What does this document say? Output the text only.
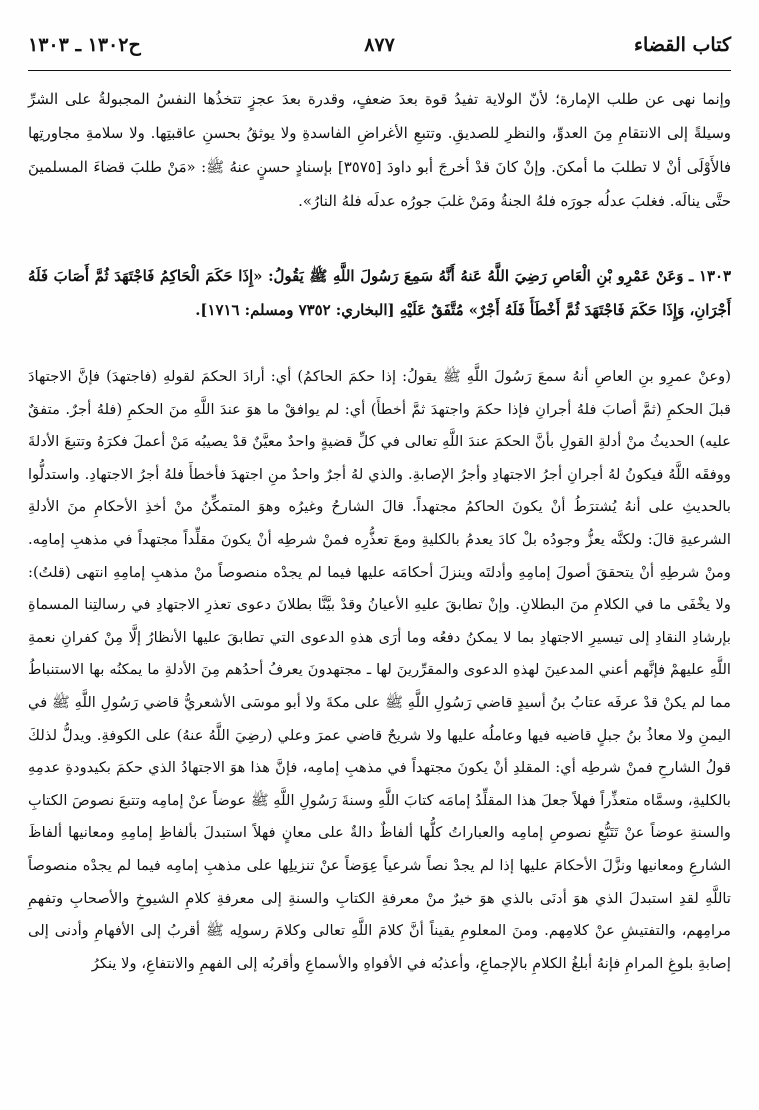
كتاب القضاء
٨٧٧
ح١٣٠٢ ـ ١٣٠٣
وإنما نهى عن طلب الإمارة؛ لأنّ الولاية تفيدُ قوة بعدَ ضعفٍ، وقدرة بعدَ عجزٍ تتخذُها النفسُ المجبولةُ على الشرِّ وسيلةً إلى الانتقامِ مِنَ العدوِّ، والنظرِ للصديقِ. وتتبعِ الأغراضِ الفاسدةِ ولا يوثقُ بحسنِ عاقبتِها. ولا سلامةِ مجاورتِها فالأَوْلَى أنْ لا تطلبَ ما أمكنَ. وإنْ كانَ قدْ أخرجَ أبو داودَ [٣٥٧٥] بإسنادٍ حسنٍ عنهُ ﷺ: «مَنْ طلبَ قضاءَ المسلمينَ حتَّى ينالَه. فغلبَ عدلُه جورَه فلهُ الجنةُ ومَنْ غلبَ جورُه عدلَه فلهُ النارُ».
١٣٠٣ ـ وَعَنْ عَمْرِو بْنِ الْعَاصِ رَضِيَ اللَّهُ عَنهُ أَنَّهُ سَمِعَ رَسُولَ اللَّهِ ﷺ يَقُولُ: «إِذَا حَكَمَ الْحَاكِمُ فَاجْتَهَدَ ثُمَّ أَصَابَ فَلَهُ أَجْرَانِ، وَإِذَا حَكَمَ فَاجْتَهَدَ ثُمَّ أَخْطَأَ فَلَهُ أَجْرٌ» مُتَّفَقٌ عَلَيْهِ [البخاري: ٧٣٥٢ ومسلم: ١٧١٦].

(وعنْ عمرِو بنِ العاصِ أنهُ سمعَ رَسُولَ اللَّهِ ﷺ يقولُ: إذا حكمَ الحاكمُ) أي: أرادَ الحكمَ لقولهِ (فاجتهدَ) فإنَّ الاجتهادَ قبلَ الحكمِ (ثمَّ أصابَ فلهُ أجرانِ فإذا حكمَ واجتهدَ ثمَّ أخطأَ) أي: لم يوافقْ ما هوَ عندَ اللَّهِ منَ الحكمِ (فلهُ أجرٌ. متفقٌ عليه) الحديثُ منْ أدلةِ القولِ بأنَّ الحكمَ عندَ اللَّهِ تعالى في كلِّ قضيةٍ واحدٌ معيَّنٌ قدْ يصيبُه مَنْ أعملَ فكرَهُ وتتبعَ الأدلةَ ووفقَه اللَّهُ فيكونُ لهُ أجرانِ أجرُ الاجتهادِ وأجرُ الإصابةِ. والذي لهُ أجرٌ واحدٌ منِ اجتهدَ فأخطأَ فلهُ أجرُ الاجتهادِ. واستدلُّوا بالحديثِ على أنهُ يُشترَطُ أنْ يكونَ الحاكمُ مجتهداً. قالَ الشارحُ وغيرُه وهوَ المتمكِّنُ منْ أخذِ الأحكامِ منَ الأدلةِ الشرعيةِ قالَ: ولكنَّه يعزُّ وجودُه بلْ كادَ يعدمُ بالكليةِ ومعَ تعذُّرِه فمنْ شرطِه أنْ يكونَ مقلِّداً مجتهداً في مذهبِ إمامِه. ومنْ شرطِهِ أنْ يتحققَ أصولَ إمامِهِ وأدلتَه وينزلَ أحكامَه عليها فيما لم يجدْه منصوصاً منْ مذهبِ إمامِهِ انتهى (قلتُ): ولا يخْفَى ما في الكلامِ منَ البطلانِ. وإنْ تطابقَ عليهِ الأعيانُ وقدْ بيَّنَّا بطلانَ دعوى تعذرِ الاجتهادِ في رسالتِنا المسماةِ بإرشادِ النقادِ إلى تيسيرِ الاجتهادِ بما لا يمكنُ دفعُه وما أرَى هذهِ الدعوى التي تطابقَ عليها الأنظارُ إلَّا مِنْ كفرانِ نعمةِ اللَّهِ عليهمْ فإنَّهم أعني المدعينَ لهذهِ الدعوى والمقرِّرينَ لها ـ مجتهدونَ يعرفُ أحدُهم مِنَ الأدلةِ ما يمكنُه بها الاستنباطُ مما لم يكنْ قدْ عرفَه عتابُ بنُ أسيدٍ قاضي رَسُولِ اللَّهِ ﷺ على مكةَ ولا أبو موسَى الأشعريُّ قاضي رَسُولِ اللَّهِ ﷺ في اليمنِ ولا معاذُ بنُ جبلٍ قاضيه فيها وعاملُه عليها ولا شريحٌ قاضي عمرَ وعلي (رضِيَ اللَّهُ عنهُ) على الكوفةِ. ويدلُّ لذلكَ قولُ الشارحِ فمنْ شرطِه أي: المقلدِ أنْ يكونَ مجتهداً في مذهبِ إمامِه، فإنَّ هذا هوَ الاجتهادُ الذي حكمَ بكيدودةِ عدمِهِ بالكليةِ، وسمَّاه متعذِّراً فهلاً جعلَ هذا المقلِّدُ إمامَه كتابَ اللَّهِ وسنةَ رَسُولِ اللَّهِ ﷺ عوضاً عنْ إمامِه وتتبعَ نصوصَ الكتابِ والسنةِ عوضاً عنْ تَتَبُّعِ نصوصِ إمامِه والعباراتُ كلُّها ألفاظٌ دالةٌ على معانٍ فهلاً استبدلَ بألفاظِ إمامِهِ ومعانيها ألفاظَ الشارعِ ومعانيها ونزَّلَ الأحكامَ عليها إذا لم يجدْ نصاً شرعياً عِوَضاً عنْ تنزيلِها على مذهبِ إمامِه فيما لم يجدْه منصوصاً تاللَّهِ لقدِ استبدلَ الذي هوَ أدنَى بالذي هوَ خيرٌ منْ معرفةِ الكتابِ والسنةِ إلى معرفةِ كلامِ الشيوخِ والأصحابِ وتفهمِ مرامِهم، والتفتيشِ عنْ كلامِهم. ومنَ المعلومِ يقيناً أنَّ كلامَ اللَّهِ تعالى وكلامَ رسولِه ﷺ أقربُ إلى الأفهامِ وأدنى إلى إصابةِ بلوغِ المرامِ فإنهُ أبلغُ الكلامِ بالإجماعِ، وأعذبُه في الأفواهِ والأسماعِ وأقربُه إلى الفهمِ والانتفاعِ، ولا ينكرُ
